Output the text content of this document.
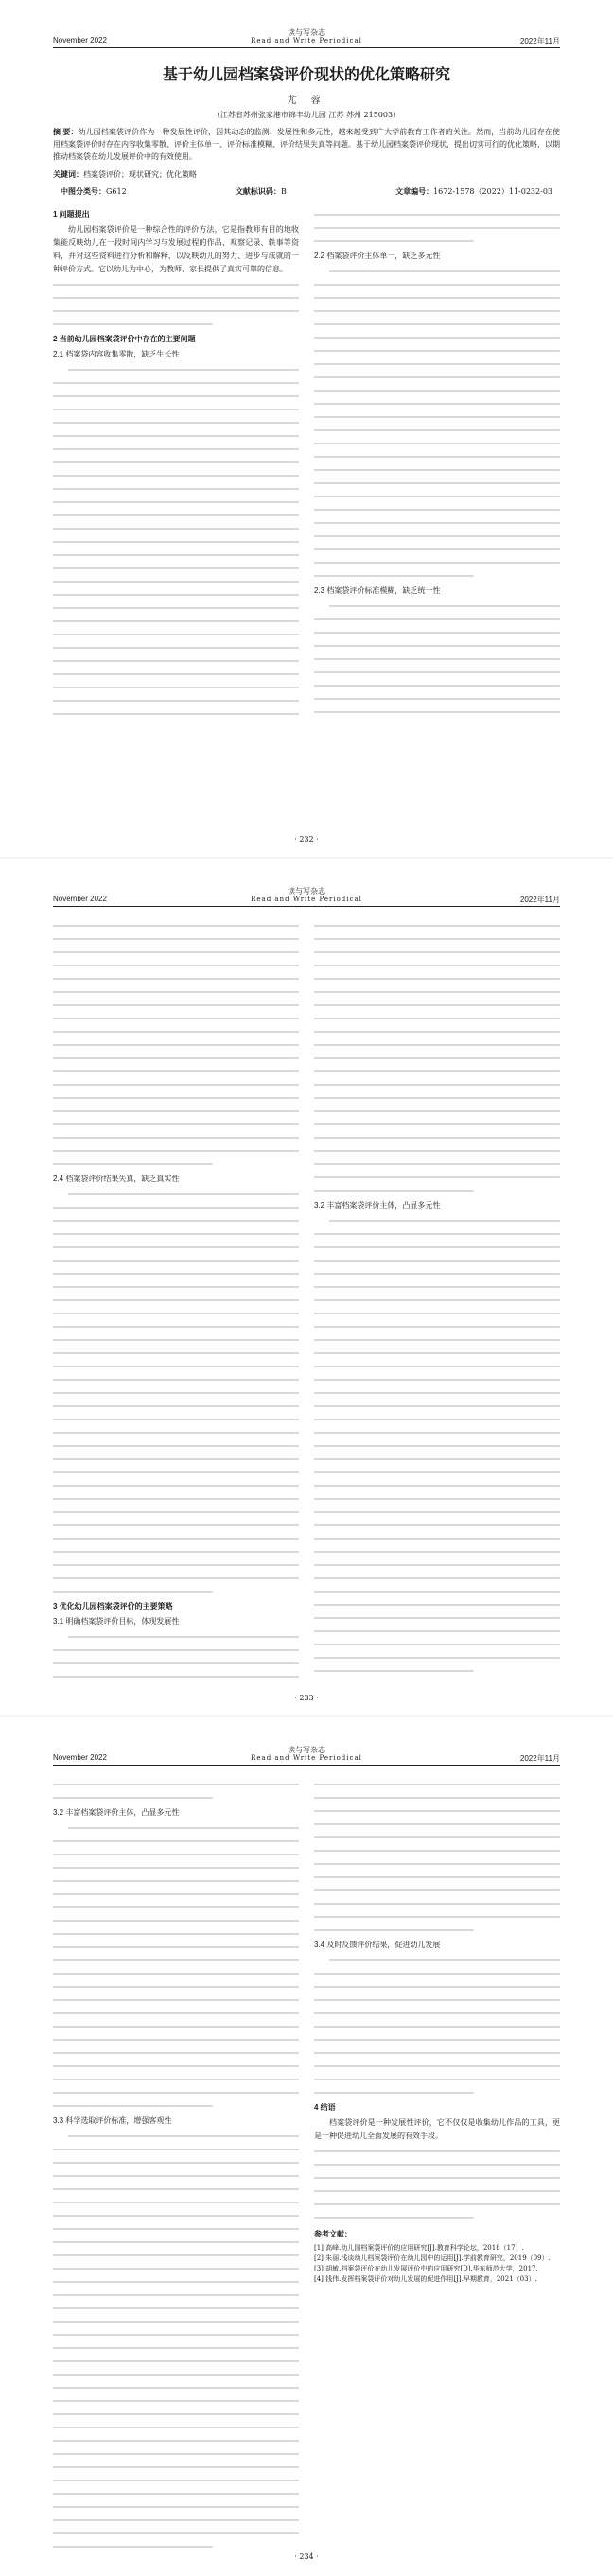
November 2022
读与写杂志
Read and Write Periodical	2022年11月
基于幼儿园档案袋评价现状的优化策略研究
尤 蓉
（江苏省苏州张家港市锦丰幼儿园 江苏 苏州 215003）
摘 要：幼儿园档案袋评价作为一种发展性评价，因其动态的监测、发展性和多元性，越来越受到广大学前教育工作者的关注。然而，当前幼儿园存在使用档案袋评价时存在内容收集零散、评价主体单一、评价标准模糊、评价结果失真等问题。基于幼儿园档案袋评价现状，提出切实可行的优化策略，以期推动档案袋在幼儿发展评价中的有效使用。
关键词：档案袋评价；现状研究；优化策略
中图分类号：G612	文献标识码：B	文章编号：1672-1578（2022）11-0232-03
1 问题提出

幼儿园档案袋评价是一种综合性的评价方法，它是指教师有目的地收集能反映幼儿在一段时间内学习与发展过程的作品、观察记录、轶事等资料，并对这些资料进行分析和解释，以反映幼儿的努力、进步与成就的一种评价方式。它以幼儿为中心，为教师、家长提供了真实可靠的信息。

2 当前幼儿园档案袋评价中存在的主要问题
2.1 档案袋内容收集零散，缺乏生长性
2.2 档案袋评价主体单一，缺乏多元性
2.3 档案袋评价标准模糊，缺乏统一性
· 232 ·
November 2022
读与写杂志
Read and Write Periodical	2022年11月
2.4 档案袋评价结果失真，缺乏真实性
3 优化幼儿园档案袋评价的主要策略
3.1 明确档案袋评价目标，体现发展性
3.2 丰富档案袋评价主体，凸显多元性
· 233 ·
November 2022
读与写杂志
Read and Write Periodical	2022年11月
3.2 丰富档案袋评价主体，凸显多元性
3.3 科学选取评价标准，增强客观性
3.4 及时反馈评价结果，促进幼儿发展
4 结语

档案袋评价是一种发展性评价，它不仅仅是收集幼儿作品的工具，更是一种促进幼儿全面发展的有效手段。

参考文献：
[1] 高峰.幼儿园档案袋评价的应用研究[J].教育科学论坛，2018（17）.
[2] 朱丽.浅谈幼儿档案袋评价在幼儿园中的运用[J].学前教育研究，2019（09）.
[3] 胡敏.档案袋评价在幼儿发展评价中的应用研究[D].华东师范大学，2017.
[4] 钱伟.发挥档案袋评价对幼儿发展的促进作用[J].早期教育，2021（03）.
· 234 ·
